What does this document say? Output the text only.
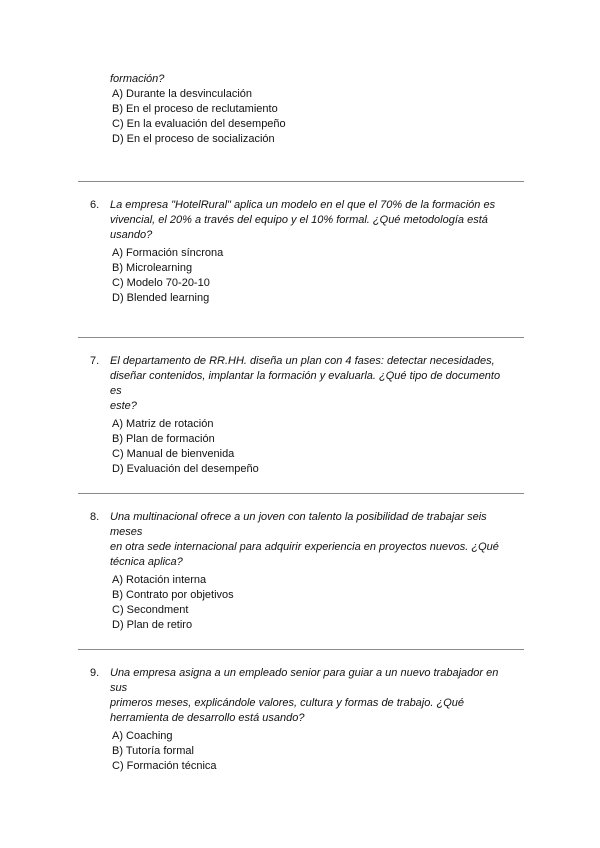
formación?

A) Durante la desvinculación
B) En el proceso de reclutamiento
C) En la evaluación del desempeño
D) En el proceso de socialización
6. La empresa "HotelRural" aplica un modelo en el que el 70% de la formación es
vivencial, el 20% a través del equipo y el 10% formal. ¿Qué metodología está
usando?

A) Formación síncrona
B) Microlearning
C) Modelo 70-20-10
D) Blended learning
7. El departamento de RR.HH. diseña un plan con 4 fases: detectar necesidades,
diseñar contenidos, implantar la formación y evaluarla. ¿Qué tipo de documento es
este?

A) Matriz de rotación
B) Plan de formación
C) Manual de bienvenida
D) Evaluación del desempeño
8. Una multinacional ofrece a un joven con talento la posibilidad de trabajar seis meses
en otra sede internacional para adquirir experiencia en proyectos nuevos. ¿Qué
técnica aplica?

A) Rotación interna
B) Contrato por objetivos
C) Secondment
D) Plan de retiro
9. Una empresa asigna a un empleado senior para guiar a un nuevo trabajador en sus
primeros meses, explicándole valores, cultura y formas de trabajo. ¿Qué
herramienta de desarrollo está usando?

A) Coaching
B) Tutoría formal
C) Formación técnica
